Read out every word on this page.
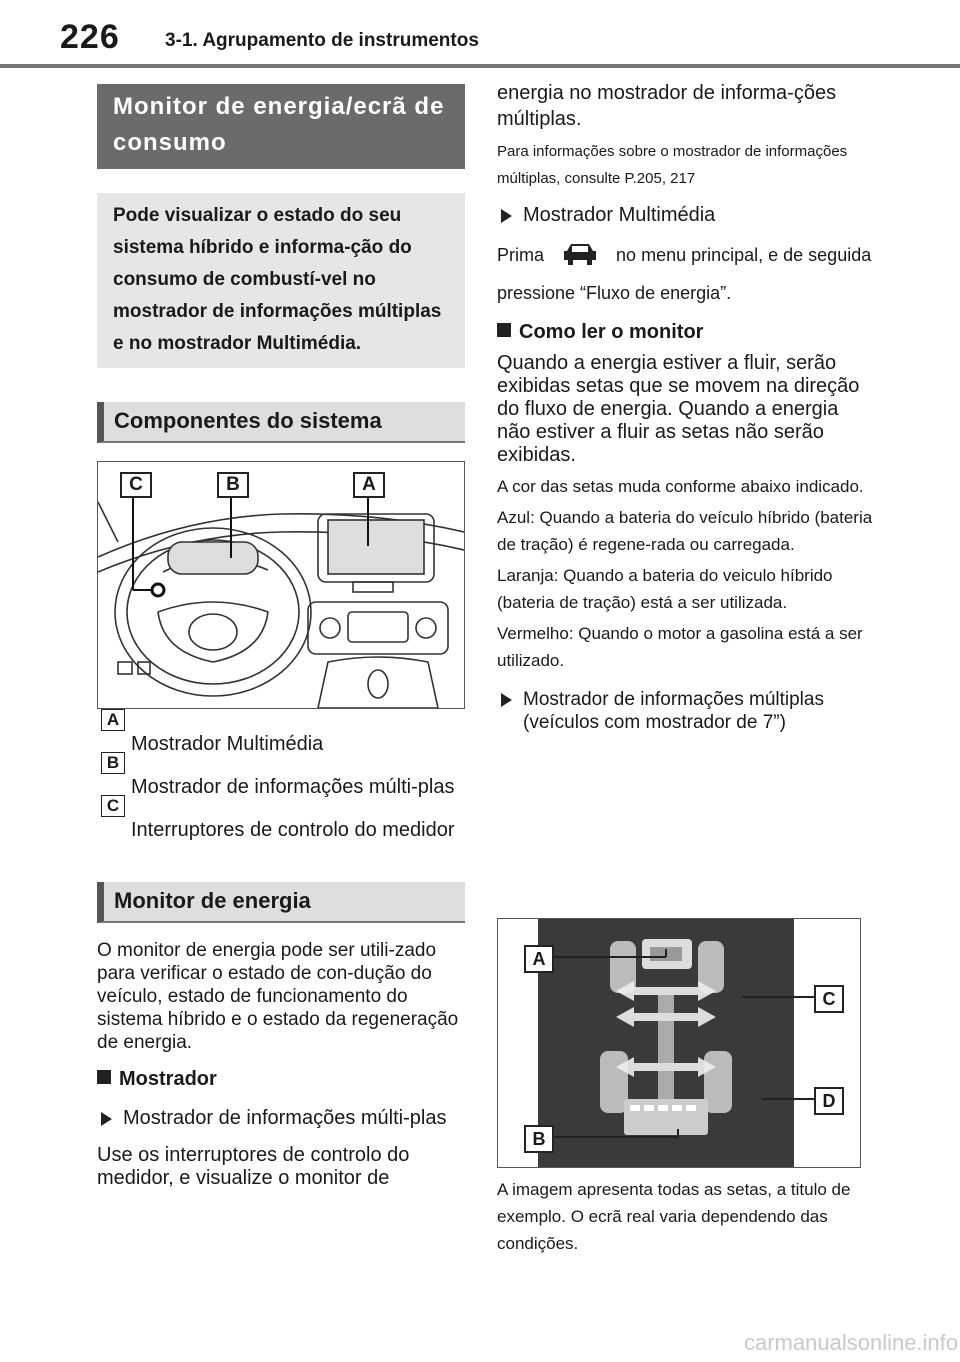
226 3-1. Agrupamento de instrumentos
Monitor de energia/ecrã de consumo
Pode visualizar o estado do seu sistema híbrido e informa-ção do consumo de combustí-vel no mostrador de informações múltiplas e no mostrador Multimédia.
Componentes do sistema
C	B	A
A
Mostrador Multimédia
B
Mostrador de informações múlti-plas
C
Interruptores de controlo do medidor
Monitor de energia
O monitor de energia pode ser utili-zado para verificar o estado de con-dução do veículo, estado de funcionamento do sistema híbrido e o estado da regeneração de energia.
Mostrador
Mostrador de informações múlti-plas
Use os interruptores de controlo do medidor, e visualize o monitor de
energia no mostrador de informa-ções múltiplas.
Para informações sobre o mostrador de informações múltiplas, consulte P.205, 217
Mostrador Multimédia
Prima	no menu principal, e de seguida pressione “Fluxo de energia”.
Como ler o monitor
Quando a energia estiver a fluir, serão exibidas setas que se movem na direção do fluxo de energia. Quando a energia não estiver a fluir as setas não serão exibidas.
A cor das setas muda conforme abaixo indicado.
Azul: Quando a bateria do veículo híbrido (bateria de tração) é regene-rada ou carregada.
Laranja: Quando a bateria do veiculo híbrido (bateria de tração) está a ser utilizada.
Vermelho: Quando o motor a gasolina está a ser utilizado.
Mostrador de informações múltiplas (veículos com mostrador de 7”)
A
C
D
B
A imagem apresenta todas as setas, a titulo de exemplo. O ecrã real varia dependendo das condições.
carmanualsonline.info
